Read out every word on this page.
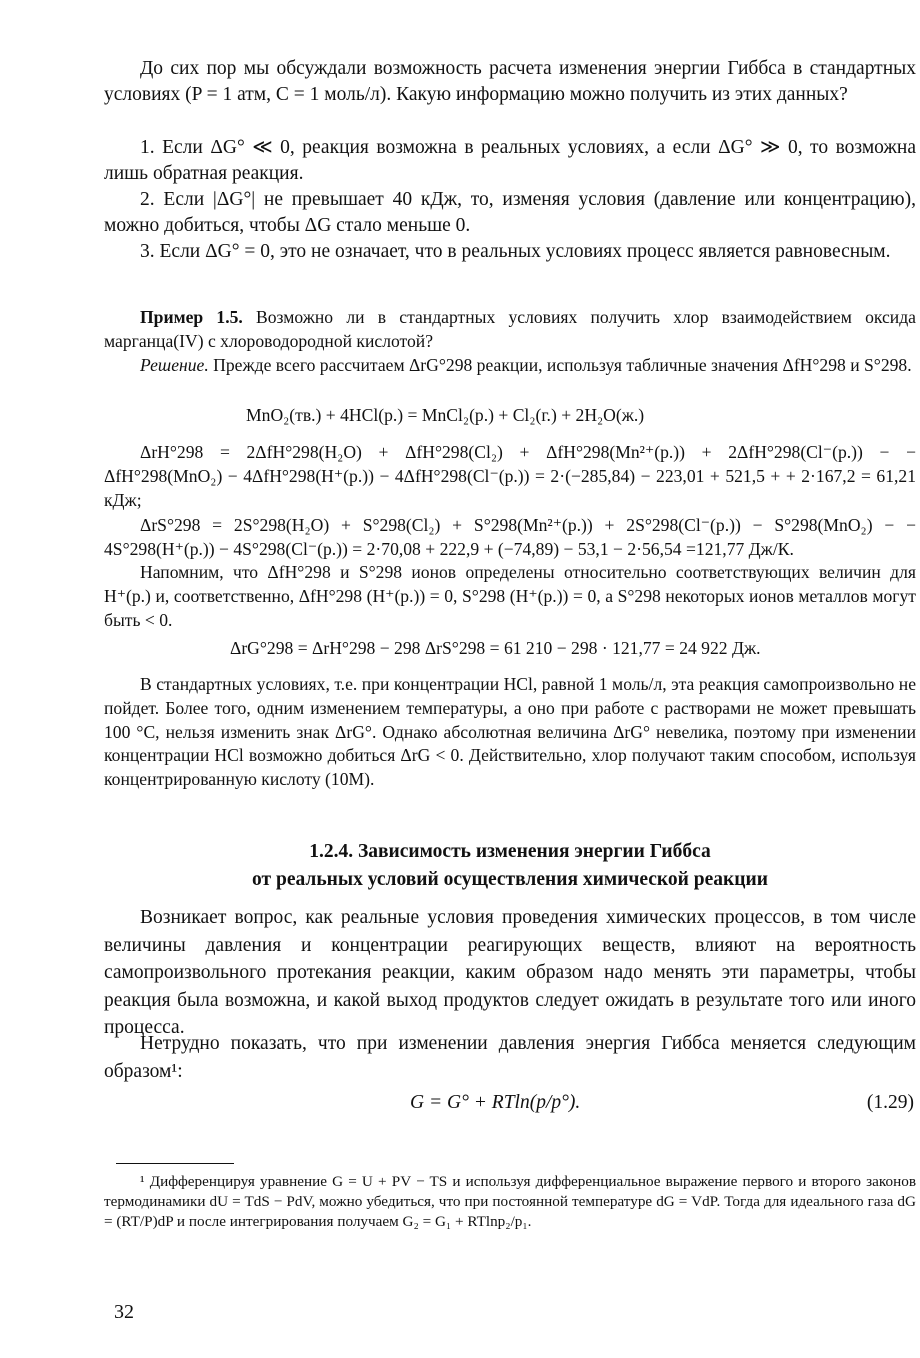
До сих пор мы обсуждали возможность расчета изменения энергии Гиббса в стандартных условиях (P = 1 атм, C = 1 моль/л). Какую информацию можно получить из этих данных?
1. Если ΔG° ≪ 0, реакция возможна в реальных условиях, а если ΔG° ≫ 0, то возможна лишь обратная реакция.
2. Если |ΔG°| не превышает 40 кДж, то, изменяя условия (давление или концентрацию), можно добиться, чтобы ΔG стало меньше 0.
3. Если ΔG° = 0, это не означает, что в реальных условиях процесс является равновесным.
Пример 1.5. Возможно ли в стандартных условиях получить хлор взаимодействием оксида марганца(IV) с хлороводородной кислотой?
Решение. Прежде всего рассчитаем ΔrG°298 реакции, используя табличные значения ΔfH°298 и S°298.
MnO₂(тв.) + 4HCl(р.) = MnCl₂(р.) + Cl₂(г.) + 2H₂O(ж.)
ΔrH°298 = 2ΔfH°298(H₂O) + ΔfH°298(Cl₂) + ΔfH°298(Mn²⁺(р.)) + 2ΔfH°298(Cl⁻(р.)) − − ΔfH°298(MnO₂) − 4ΔfH°298(H⁺(р.)) − 4ΔfH°298(Cl⁻(р.)) = 2·(−285,84) − 223,01 + 521,5 + + 2·167,2 = 61,21 кДж;
ΔrS°298 = 2S°298(H₂O) + S°298(Cl₂) + S°298(Mn²⁺(р.)) + 2S°298(Cl⁻(р.)) − S°298(MnO₂) − − 4S°298(H⁺(р.)) − 4S°298(Cl⁻(р.)) = 2·70,08 + 222,9 + (−74,89) − 53,1 − 2·56,54 =121,77 Дж/К.
Напомним, что ΔfH°298 и S°298 ионов определены относительно соответствующих величин для H⁺(р.) и, соответственно, ΔfH°298 (H⁺(р.)) = 0, S°298 (H⁺(р.)) = 0, а S°298 некоторых ионов металлов могут быть < 0.
ΔrG°298 = ΔrH°298 − 298 ΔrS°298 = 61 210 − 298 · 121,77 = 24 922 Дж.
В стандартных условиях, т.е. при концентрации HCl, равной 1 моль/л, эта реакция самопроизвольно не пойдет. Более того, одним изменением температуры, а оно при работе с растворами не может превышать 100 °C, нельзя изменить знак ΔrG°. Однако абсолютная величина ΔrG° невелика, поэтому при изменении концентрации HCl возможно добиться ΔrG < 0. Действительно, хлор получают таким способом, используя концентрированную кислоту (10М).
1.2.4. Зависимость изменения энергии Гиббса
от реальных условий осуществления химической реакции
Возникает вопрос, как реальные условия проведения химических процессов, в том числе величины давления и концентрации реагирующих веществ, влияют на вероятность самопроизвольного протекания реакции, каким образом надо менять эти параметры, чтобы реакция была возможна, и какой выход продуктов следует ожидать в результате того или иного процесса.
Нетрудно показать, что при изменении давления энергия Гиббса меняется следующим образом¹:
G = G° + RTln(p/p°).	(1.29)
¹ Дифференцируя уравнение G = U + PV − TS и используя дифференциальное выражение первого и второго законов термодинамики dU = TdS − PdV, можно убедиться, что при постоянной температуре dG = VdP. Тогда для идеального газа dG = (RT/P)dP и после интегрирования получаем G₂ = G₁ + RTlnp₂/p₁.
32
